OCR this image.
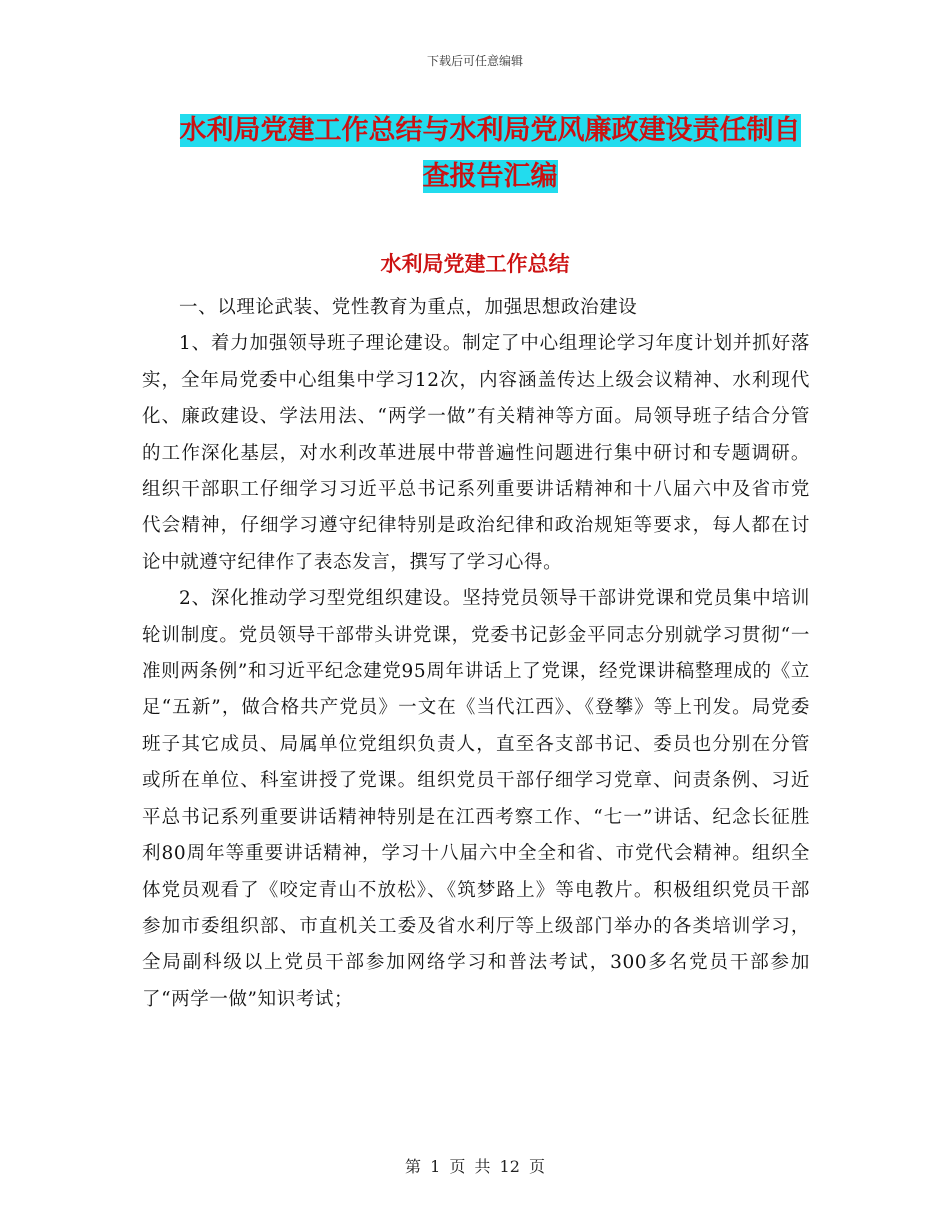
下载后可任意编辑
水利局党建工作总结与水利局党风廉政建设责任制自
查报告汇编
水利局党建工作总结

一、以理论武装、党性教育为重点，加强思想政治建设

1、着力加强领导班子理论建设。制定了中心组理论学习年度计划并抓好落实，全年局党委中心组集中学习12次，内容涵盖传达上级会议精神、水利现代化、廉政建设、学法用法、“两学一做”有关精神等方面。局领导班子结合分管的工作深化基层，对水利改革进展中带普遍性问题进行集中研讨和专题调研。组织干部职工仔细学习习近平总书记系列重要讲话精神和十八届六中及省市党代会精神，仔细学习遵守纪律特别是政治纪律和政治规矩等要求，每人都在讨论中就遵守纪律作了表态发言，撰写了学习心得。

2、深化推动学习型党组织建设。坚持党员领导干部讲党课和党员集中培训轮训制度。党员领导干部带头讲党课，党委书记彭金平同志分别就学习贯彻“一准则两条例”和习近平纪念建党95周年讲话上了党课，经党课讲稿整理成的《立足“五新”，做合格共产党员》一文在《当代江西》、《登攀》等上刊发。局党委班子其它成员、局属单位党组织负责人，直至各支部书记、委员也分别在分管或所在单位、科室讲授了党课。组织党员干部仔细学习党章、问责条例、习近平总书记系列重要讲话精神特别是在江西考察工作、“七一”讲话、纪念长征胜利80周年等重要讲话精神，学习十八届六中全全和省、市党代会精神。组织全体党员观看了《咬定青山不放松》、《筑梦路上》等电教片。积极组织党员干部参加市委组织部、市直机关工委及省水利厅等上级部门举办的各类培训学习，全局副科级以上党员干部参加网络学习和普法考试，300多名党员干部参加了“两学一做”知识考试；

第 1 页 共 12 页
